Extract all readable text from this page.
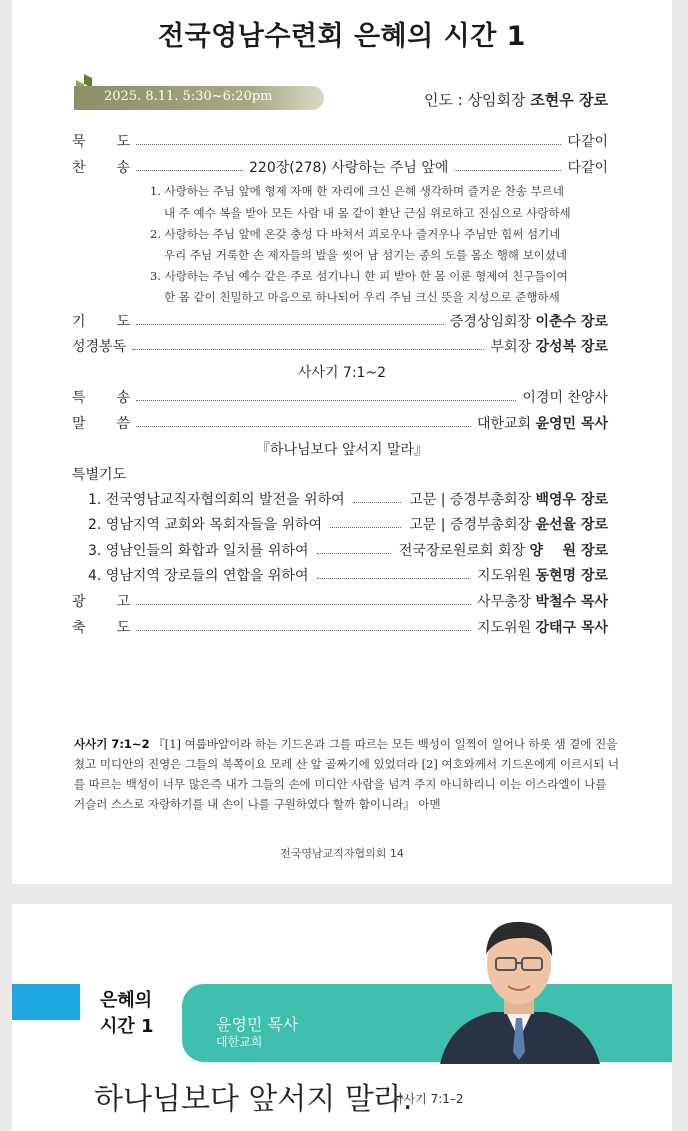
전국영남수련회 은혜의 시간 1
2025. 8.11. 5:30~6:20pm	인도 : 상임회장 조현우 장로
묵 도	다같이
찬 송	220장(278) 사랑하는 주님 앞에	다같이
1. 사랑하는 주님 앞에 형제 자매 한 자리에 크신 은혜 생각하며 즐거운 찬송 부르네
내 주 예수 복을 받아 모든 사람 내 몸 같이 환난 근심 위로하고 진심으로 사랑하세
2. 사랑하는 주님 앞에 온갖 충성 다 바쳐서 괴로우나 즐거우나 주님만 힘써 섬기네
우리 주님 거룩한 손 제자들의 발을 씻어 남 섬기는 종의 도를 몸소 행해 보이셨네
3. 사랑하는 주님 예수 같은 주로 섬기나니 한 피 받아 한 몸 이룬 형제여 친구들이여
한 몸 같이 친밀하고 마음으로 하나되어 우리 주님 크신 뜻을 지성으로 준행하세
기 도	증경상임회장 이춘수 장로
성경봉독	부회장 강성복 장로
사사기 7:1~2
특 송	이경미 찬양사
말 씀	대한교회 윤영민 목사
『하나님보다 앞서지 말라』
특별기도
1. 전국영남교직자협의회의 발전을 위하여	고문 | 증경부총회장 백영우 장로
2. 영남지역 교회와 목회자들을 위하여	고문 | 증경부총회장 윤선율 장로
3. 영남인들의 화합과 일치를 위하여	전국장로원로회 회장 양    원 장로
4. 영남지역 장로들의 연합을 위하여	지도위원 동현명 장로
광 고	사무총장 박철수 목사
축 도	지도위원 강태구 목사
사사기 7:1~2 『[1] 여룹바알이라 하는 기드온과 그를 따르는 모든 백성이 일찍이 일어나 하롯 샘 곁에 진을 쳤고 미디안의 진영은 그들의 북쪽이요 모레 산 앞 골짜기에 있었더라 [2] 여호와께서 기드온에게 이르시되 너를 따르는 백성이 너무 많은즉 내가 그들의 손에 미디안 사람을 넘겨 주지 아니하리니 이는 이스라엘이 나를 거슬러 스스로 자랑하기를 내 손이 나를 구원하였다 할까 함이니라』 아멘
전국영남교직자협의회 14
은혜의
시간 1	윤영민 목사
대한교회
하나님보다 앞서지 말라.
사사기 7:1–2
